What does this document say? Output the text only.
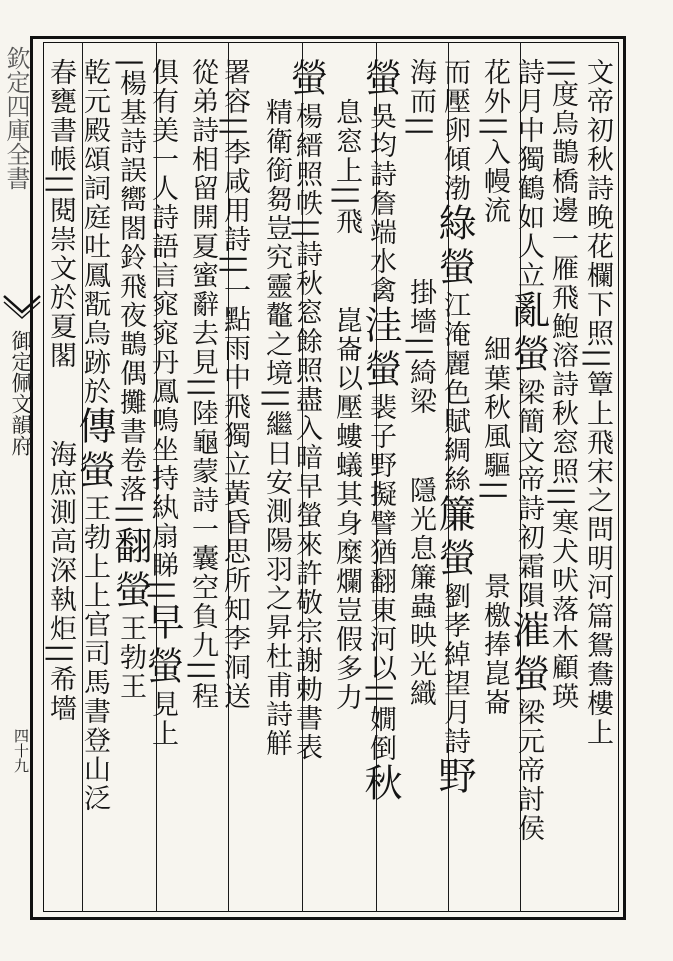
欽定四庫全書
御定佩文韻府
四十九
文帝初秋詩晚花欄下照||簟上飛宋之問明河篇鴛鴦樓上
||度烏鵲橋邊一雁飛鮑溶詩秋窓照||寒犬吠落木顧瑛
詩月中獨鶴如人立亂螢梁簡文帝詩初霜隕漼螢梁元帝討侯
花外||入幔流細葉秋風驅||景檄捧崑崙
而壓卵傾渤綠螢江淹麗色賦綢絲簾螢劉孝綽望月詩野
海而||掛墻||綺梁隱光息簾蟲映光織
螢吳均詩詹端水禽洼螢裴子野擬譬猶翻東河以||嫺倒秋
息窓上||飛崑崙以壓螻蟻其身糜爛豈假多力
螢楊縉照帙||詩秋窓餘照盡入暗早螢來許敬宗謝勅書表
精衛銜芻豈究靈鼇之境||繼日安測陽羽之昇杜甫詩觧
署容||李咸用詩||一點雨中飛獨立黃昏思所知李洞送
從弟詩相留開夏蜜辭去見||陸龜蒙詩一囊空負九||程
俱有美一人詩語言窕窕丹鳳鳴坐持紈扇睇||早螢見上
|楊基詩誤嚮閤鈴飛夜鵲偶攤書卷落||翻螢王勃王
乾元殿頌詞庭吐鳳翫烏跡於傳螢王勃上上官司馬書登山泛
春甕書帳||閱崇文於夏閣海庶測高深執炬||希墻
